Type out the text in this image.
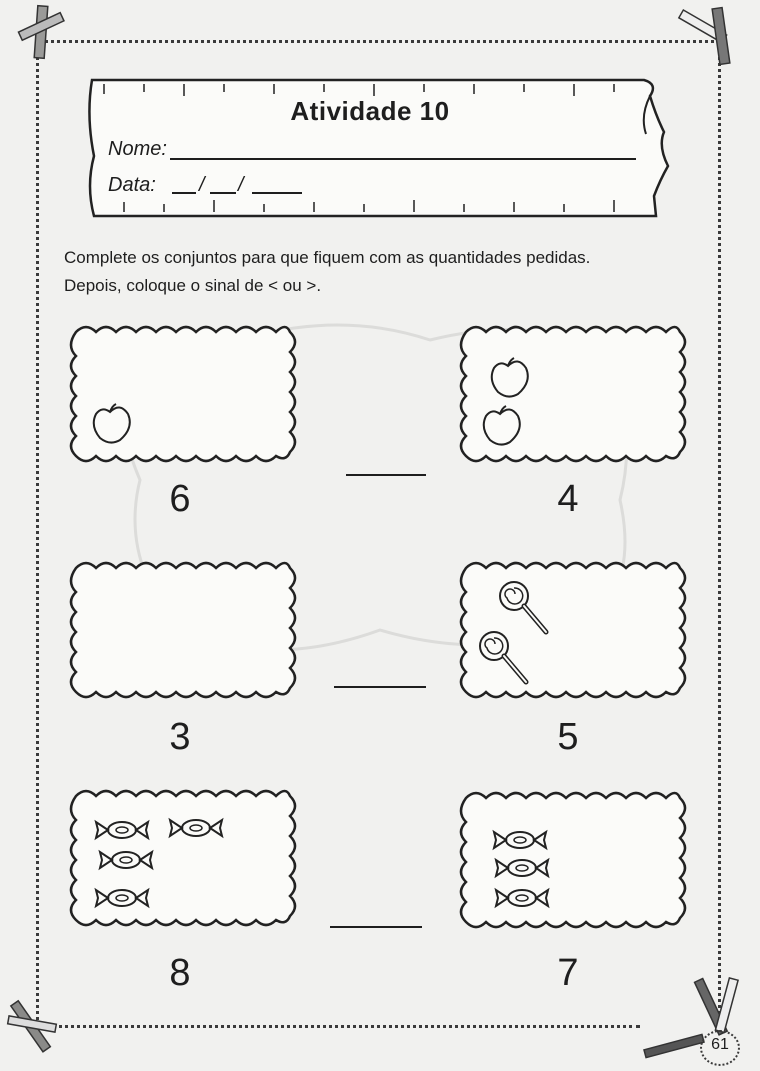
Atividade 10
Nome:
Data: / /
Complete os conjuntos para que fiquem com as quantidades pedidas.
Depois, coloque o sinal de < ou >.
6	4
3	5
8	7
61
